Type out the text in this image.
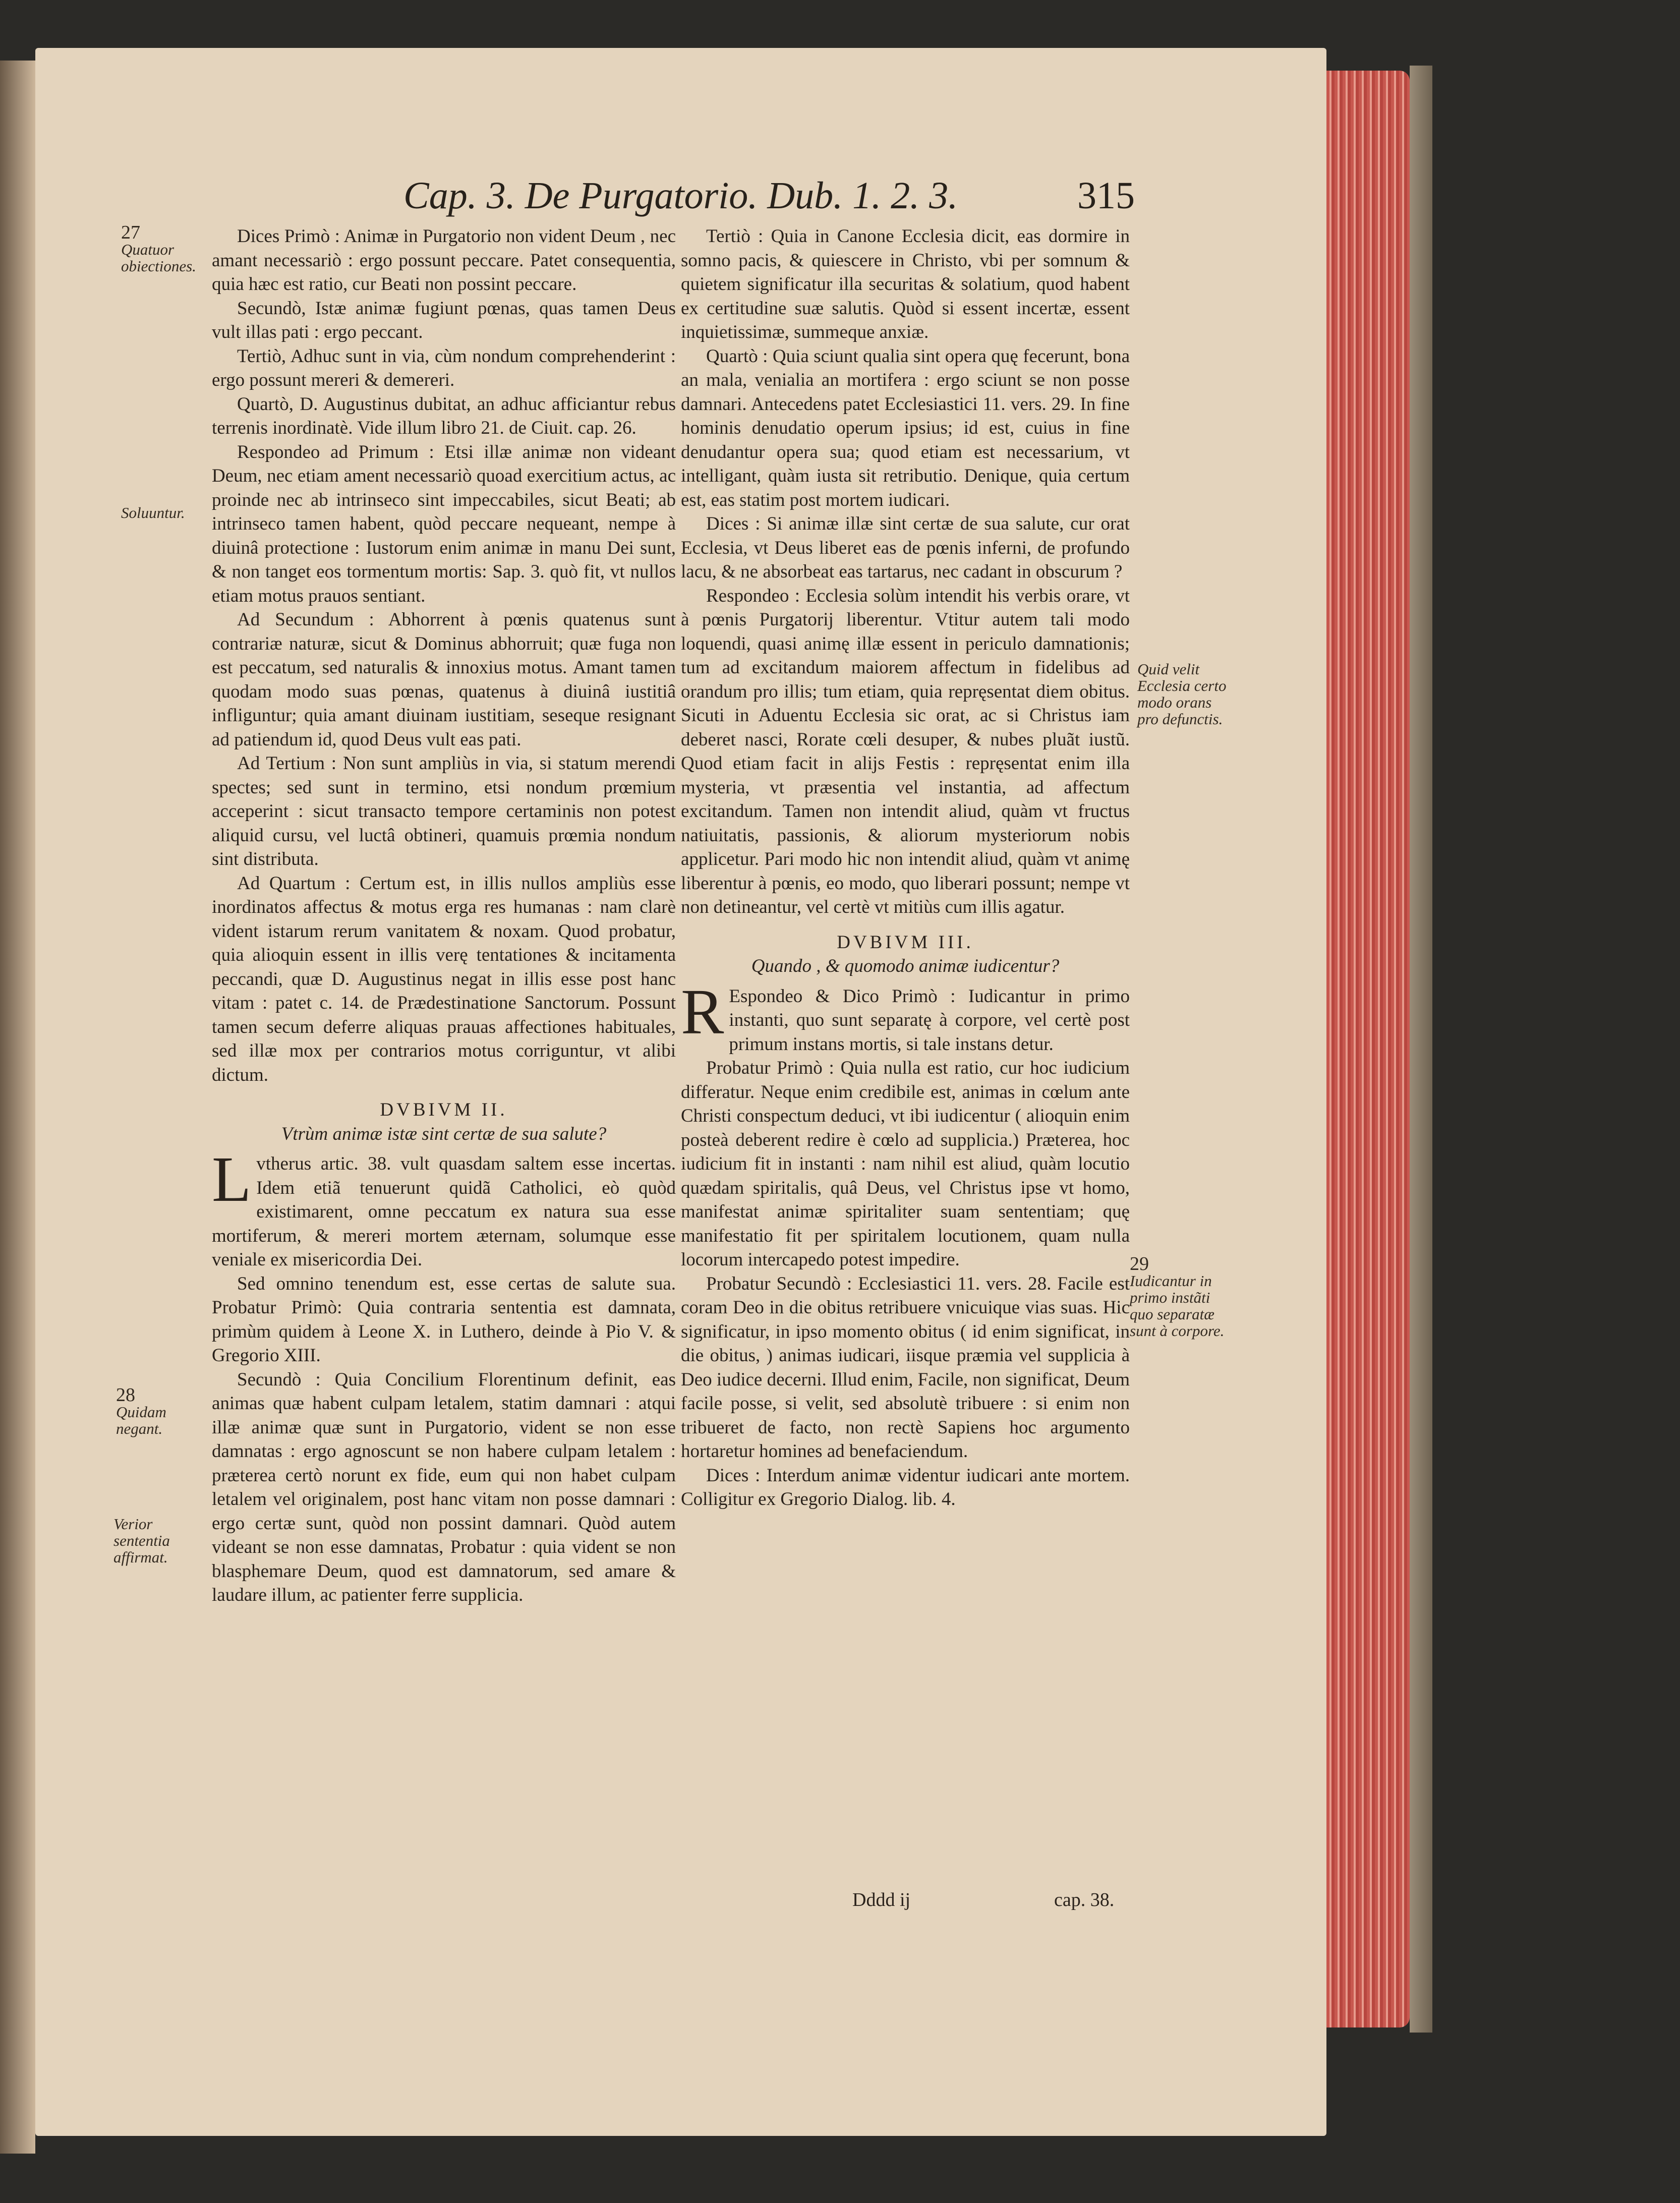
Cap. 3. De Purgatorio. Dub. 1. 2. 3.	315

Dices Primò : Animæ in Purgatorio non vident Deum , nec amant necessariò : ergo possunt peccare. Patet consequentia, quia hæc est ratio, cur Beati non possint peccare.

Secundò, Istæ animæ fugiunt pœnas, quas tamen Deus vult illas pati : ergo peccant.

Tertiò, Adhuc sunt in via, cùm nondum comprehenderint : ergo possunt mereri & demereri.

Quartò, D. Augustinus dubitat, an adhuc afficiantur rebus terrenis inordinatè. Vide illum libro 21. de Ciuit. cap. 26.

Respondeo ad Primum : Etsi illæ animæ non videant Deum, nec etiam ament necessariò quoad exercitium actus, ac proinde nec ab intrinseco sint impeccabiles, sicut Beati; ab intrinseco tamen habent, quòd peccare nequeant, nempe à diuinâ protectione : Iustorum enim animæ in manu Dei sunt, & non tanget eos tormentum mortis: Sap. 3. quò fit, vt nullos etiam motus prauos sentiant.

Ad Secundum : Abhorrent à pœnis quatenus sunt contrariæ naturæ, sicut & Dominus abhorruit; quæ fuga non est peccatum, sed naturalis & innoxius motus. Amant tamen quodam modo suas pœnas, quatenus à diuinâ iustitiâ infliguntur; quia amant diuinam iustitiam, seseque resignant ad patiendum id, quod Deus vult eas pati.

Ad Tertium : Non sunt ampliùs in via, si statum merendi spectes; sed sunt in termino, etsi nondum prœmium acceperint : sicut transacto tempore certaminis non potest aliquid cursu, vel luctâ obtineri, quamuis prœmia nondum sint distributa.

Ad Quartum : Certum est, in illis nullos ampliùs esse inordinatos affectus & motus erga res humanas : nam clarè vident istarum rerum vanitatem & noxam. Quod probatur, quia alioquin essent in illis verę tentationes & incitamenta peccandi, quæ D. Augustinus negat in illis esse post hanc vitam : patet c. 14. de Prædestinatione Sanctorum. Possunt tamen secum deferre aliquas prauas affectiones habituales, sed illæ mox per contrarios motus corriguntur, vt alibi dictum.

DVBIVM II.

Vtrùm animæ istæ sint certæ de sua salute?

Lvtherus artic. 38. vult quasdam saltem esse incertas. Idem etiã tenuerunt quidã Catholici, eò quòd existimarent, omne peccatum ex natura sua esse mortiferum, & mereri mortem æternam, solumque esse veniale ex misericordia Dei.

Sed omnino tenendum est, esse certas de salute sua. Probatur Primò: Quia contraria sententia est damnata, primùm quidem à Leone X. in Luthero, deinde à Pio V. & Gregorio XIII.

Secundò : Quia Concilium Florentinum definit, eas animas quæ habent culpam letalem, statim damnari : atqui illæ animæ quæ sunt in Purgatorio, vident se non esse damnatas : ergo agnoscunt se non habere culpam letalem : præterea certò norunt ex fide, eum qui non habet culpam letalem vel originalem, post hanc vitam non posse damnari : ergo certæ sunt, quòd non possint damnari. Quòd autem videant se non esse damnatas, Probatur : quia vident se non blasphemare Deum, quod est damnatorum, sed amare & laudare illum, ac patienter ferre supplicia.

Tertiò : Quia in Canone Ecclesia dicit, eas dormire in somno pacis, & quiescere in Christo, vbi per somnum & quietem significatur illa securitas & solatium, quod habent ex certitudine suæ salutis. Quòd si essent incertæ, essent inquietissimæ, summeque anxiæ.

Quartò : Quia sciunt qualia sint opera quę fecerunt, bona an mala, venialia an mortifera : ergo sciunt se non posse damnari. Antecedens patet Ecclesiastici 11. vers. 29. In fine hominis denudatio operum ipsius; id est, cuius in fine denudantur opera sua; quod etiam est necessarium, vt intelligant, quàm iusta sit retributio. Denique, quia certum est, eas statim post mortem iudicari.

Dices : Si animæ illæ sint certæ de sua salute, cur orat Ecclesia, vt Deus liberet eas de pœnis inferni, de profundo lacu, & ne absorbeat eas tartarus, nec cadant in obscurum ?

Respondeo : Ecclesia solùm intendit his verbis orare, vt à pœnis Purgatorij liberentur. Vtitur autem tali modo loquendi, quasi animę illæ essent in periculo damnationis; tum ad excitandum maiorem affectum in fidelibus ad orandum pro illis; tum etiam, quia repręsentat diem obitus. Sicuti in Aduentu Ecclesia sic orat, ac si Christus iam deberet nasci, Rorate cœli desuper, & nubes pluãt iustũ. Quod etiam facit in alijs Festis : repręsentat enim illa mysteria, vt præsentia vel instantia, ad affectum excitandum. Tamen non intendit aliud, quàm vt fructus natiuitatis, passionis, & aliorum mysteriorum nobis applicetur. Pari modo hic non intendit aliud, quàm vt animę liberentur à pœnis, eo modo, quo liberari possunt; nempe vt non detineantur, vel certè vt mitiùs cum illis agatur.

DVBIVM III.

Quando , & quomodo animæ iudicentur?

R Espondeo & Dico Primò : Iudicantur in primo instanti, quo sunt separatę à corpore, vel certè post primum instans mortis, si tale instans detur.

Probatur Primò : Quia nulla est ratio, cur hoc iudicium differatur. Neque enim credibile est, animas in cœlum ante Christi conspectum deduci, vt ibi iudicentur ( alioquin enim posteà deberent redire è cœlo ad supplicia.) Præterea, hoc iudicium fit in instanti : nam nihil est aliud, quàm locutio quædam spiritalis, quâ Deus, vel Christus ipse vt homo, manifestat animæ spiritaliter suam sententiam; quę manifestatio fit per spiritalem locutionem, quam nulla locorum intercapedo potest impedire.

Probatur Secundò : Ecclesiastici 11. vers. 28. Facile est coram Deo in die obitus retribuere vnicuique vias suas. Hic significatur, in ipso momento obitus ( id enim significat, in die obitus, ) animas iudicari, iisque præmia vel supplicia à Deo iudice decerni. Illud enim, Facile, non significat, Deum facile posse, si velit, sed absolutè tribuere : si enim non tribueret de facto, non rectè Sapiens hoc argumento hortaretur homines ad benefaciendum.

Dices : Interdum animæ videntur iudicari ante mortem. Colligitur ex Gregorio Dialog. lib. 4.

27
Quatuor obiectiones.
Soluuntur.
28
Quidam negant.
Verior sententia affirmat.
Quid velit Ecclesia certo modo orans pro defunctis.
29
Iudicantur in primo instãti quo separatæ sunt à corpore.
Dddd ij	cap. 38.
